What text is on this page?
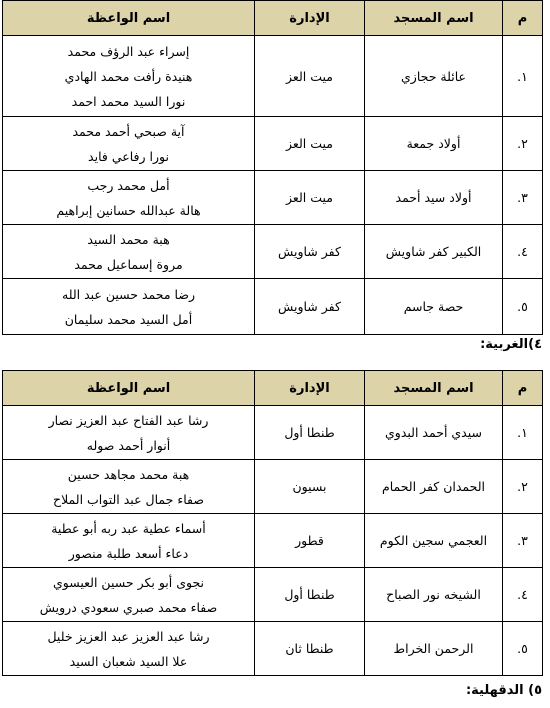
م	اسم المسجد	الإدارة	اسم الواعظة
١.	عائلة حجازي	ميت العز	إسراء عبد الرؤف محمد
هنيدة رأفت محمد الهادي
نورا السيد محمد احمد

٢.	أولاد جمعة	ميت العز	آية صبحي أحمد محمد
نورا رفاعي فايد

٣.	أولاد سيد أحمد	ميت العز	أمل محمد رجب
هالة عبدالله حسانين إبراهيم

٤.	الكبير كفر شاويش	كفر شاويش	هبة محمد السيد
مروة إسماعيل محمد

٥.	حصة جاسم	كفر شاويش	رضا محمد حسين عبد الله
أمل السيد محمد سليمان
٤)الغربية:
م	اسم المسجد	الإدارة	اسم الواعظة
١.	سيدي أحمد البدوي	طنطا أول	رشا عبد الفتاح عبد العزيز نصار
أنوار أحمد صوله

٢.	الحمدان كفر الحمام	بسيون	هبة محمد مجاهد حسين
صفاء جمال عبد التواب الملاح

٣.	العجمي سجين الكوم	قطور	أسماء عطية عبد ربه أبو عطية
دعاء أسعد طلبة منصور

٤.	الشيخه نور الصباح	طنطا أول	نجوى أبو بكر حسين العيسوي
صفاء محمد صبري سعودي درويش

٥.	الرحمن الخراط	طنطا ثان	رشا عبد العزيز عبد العزيز خليل
علا السيد شعبان السيد
٥) الدقهلية:
